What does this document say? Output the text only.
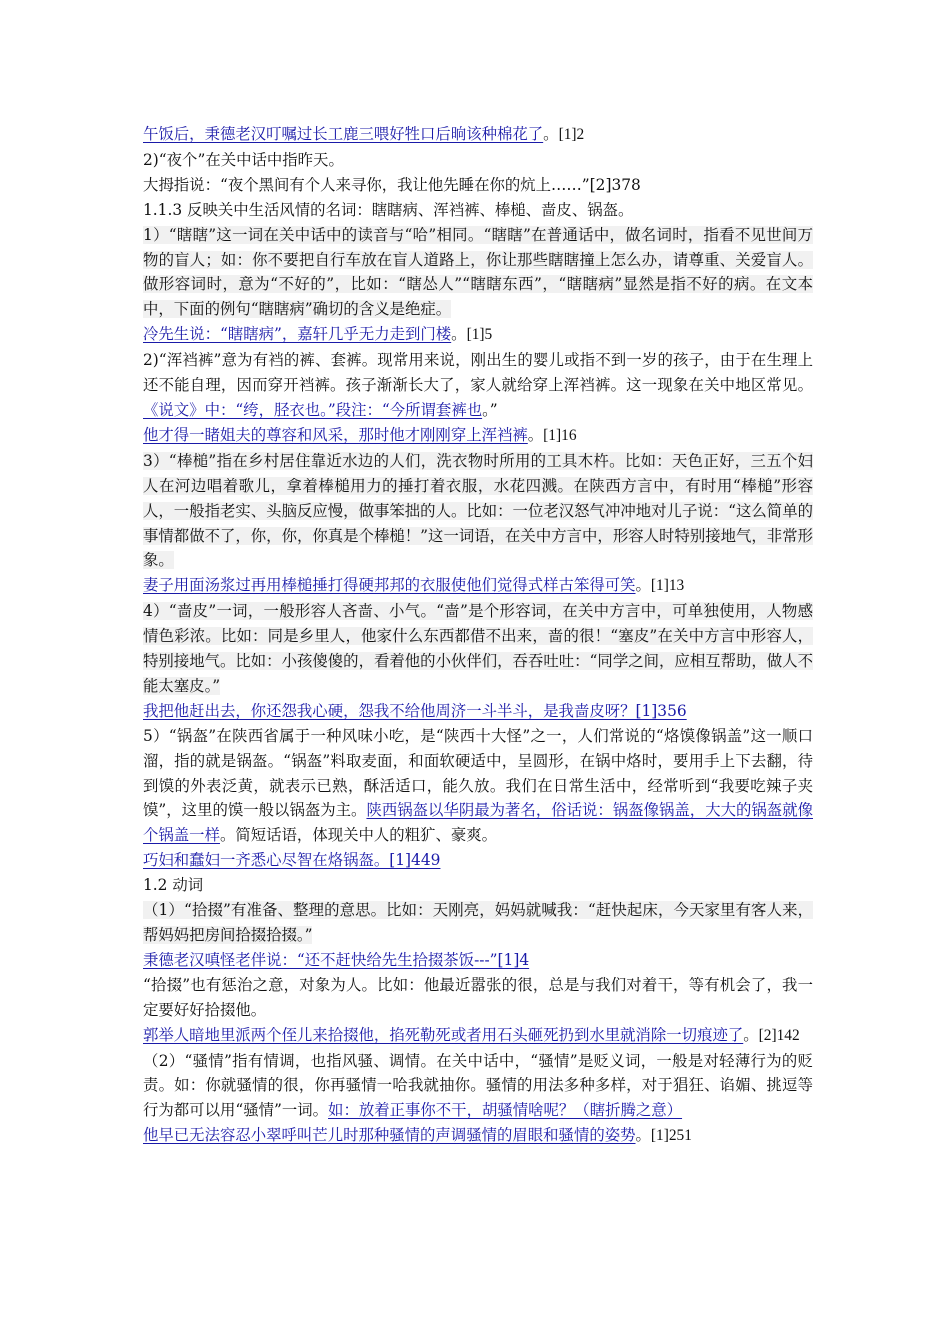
午饭后，秉德老汉叮嘱过长工鹿三喂好牲口后晌该种棉花了。[1]2

2)“夜个”在关中话中指昨天。

大拇指说：“夜个黑间有个人来寻你，我让他先睡在你的炕上……”[2]378

1.1.3 反映关中生活风情的名词：瞎瞎病、浑裆裤、棒槌、啬皮、锅盔。

1）“瞎瞎”这一词在关中话中的读音与“哈”相同。“瞎瞎”在普通话中，做名词时，指看不见世间万物的盲人；如：你不要把自行车放在盲人道路上，你让那些瞎瞎撞上怎么办，请尊重、关爱盲人。做形容词时，意为“不好的”，比如：“瞎怂人”“瞎瞎东西”，“瞎瞎病”显然是指不好的病。在文本中，下面的例句“瞎瞎病”确切的含义是绝症。

冷先生说：“瞎瞎病”，嘉轩几乎无力走到门楼。[1]5

2)“浑裆裤”意为有裆的裤、套裤。现常用来说，刚出生的婴儿或指不到一岁的孩子，由于在生理上还不能自理，因而穿开裆裤。孩子渐渐长大了，家人就给穿上浑裆裤。这一现象在关中地区常见。《说文》中：“绔，胫衣也。”段注：“今所谓套裤也。”

他才得一睹姐夫的尊容和风采，那时他才刚刚穿上浑裆裤。[1]16

3）“棒槌”指在乡村居住靠近水边的人们，洗衣物时所用的工具木杵。比如：天色正好，三五个妇人在河边唱着歌儿，拿着棒槌用力的捶打着衣服，水花四溅。在陕西方言中，有时用“棒槌”形容人，一般指老实、头脑反应慢，做事笨拙的人。比如：一位老汉怒气冲冲地对儿子说：“这么简单的事情都做不了，你，你，你真是个棒槌！”这一词语，在关中方言中，形容人时特别接地气，非常形象。

妻子用面汤浆过再用棒槌捶打得硬邦邦的衣服使他们觉得式样古笨得可笑。[1]13

4）“啬皮”一词，一般形容人吝啬、小气。“啬”是个形容词，在关中方言中，可单独使用，人物感情色彩浓。比如：同是乡里人，他家什么东西都借不出来，啬的很！“塞皮”在关中方言中形容人，特别接地气。比如：小孩傻傻的，看着他的小伙伴们，吞吞吐吐：“同学之间，应相互帮助，做人不能太塞皮。”

我把他赶出去，你还怨我心硬，怨我不给他周济一斗半斗，是我啬皮呀？[1]356

5）“锅盔”在陕西省属于一种风味小吃，是“陕西十大怪”之一，人们常说的“烙馍像锅盖”这一顺口溜，指的就是锅盔。“锅盔”料取麦面，和面软硬适中，呈圆形，在锅中烙时，要用手上下去翻，待到馍的外表泛黄，就表示已熟，酥活适口，能久放。我们在日常生活中，经常听到“我要吃辣子夹馍”，这里的馍一般以锅盔为主。陕西锅盔以华阴最为著名，俗话说：锅盔像锅盖，大大的锅盔就像个锅盖一样。简短话语，体现关中人的粗犷、豪爽。

巧妇和蠢妇一齐悉心尽智在烙锅盔。[1]449

1.2 动词

（1）“拾掇”有准备、整理的意思。比如：天刚亮，妈妈就喊我：“赶快起床，今天家里有客人来，帮妈妈把房间拾掇拾掇。”

秉德老汉嗔怪老伴说：“还不赶快给先生拾掇茶饭---”[1]4

“拾掇”也有惩治之意，对象为人。比如：他最近嚣张的很，总是与我们对着干，等有机会了，我一定要好好拾掇他。

郭举人暗地里派两个侄儿来拾掇他，掐死勒死或者用石头砸死扔到水里就消除一切痕迹了。[2]142

（2）“骚情”指有情调，也指风骚、调情。在关中话中，“骚情”是贬义词，一般是对轻薄行为的贬责。如：你就骚情的很，你再骚情一哈我就抽你。骚情的用法多种多样，对于猖狂、谄媚、挑逗等行为都可以用“骚情”一词。如：放着正事你不干，胡骚情啥呢？（瞎折腾之意）

他早已无法容忍小翠呼叫芒儿时那种骚情的声调骚情的眉眼和骚情的姿势。[1]251
